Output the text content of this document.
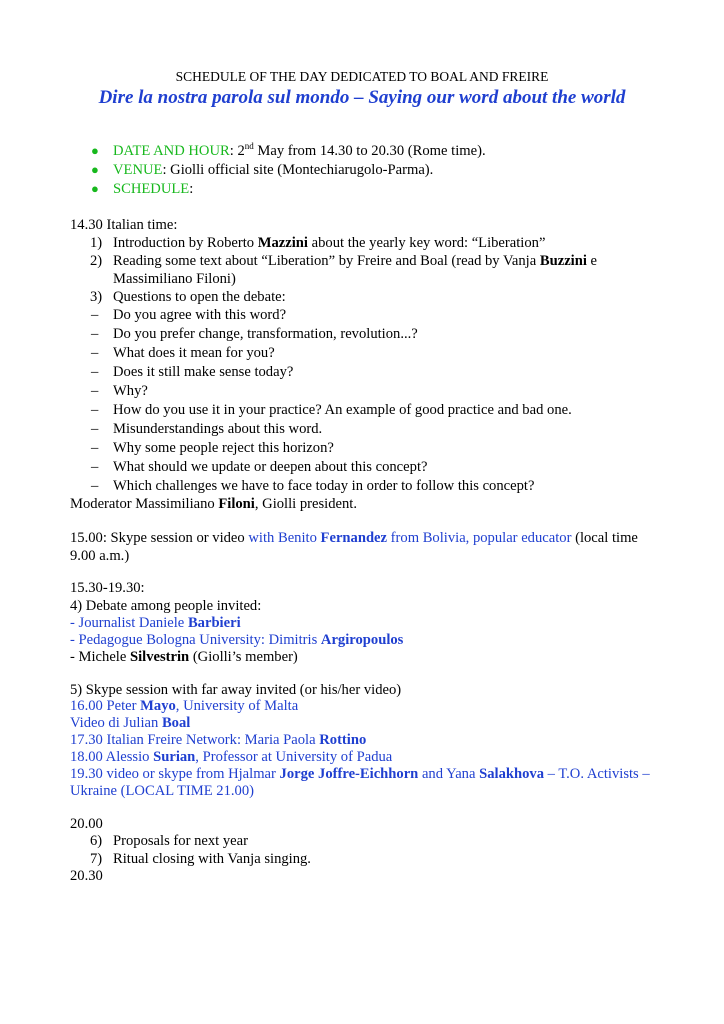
SCHEDULE OF THE DAY DEDICATED TO BOAL AND FREIRE
Dire la nostra parola sul mondo – Saying our word about the world
● DATE AND HOUR: 2nd May from 14.30 to 20.30 (Rome time).
● VENUE: Giolli official site (Montechiarugolo-Parma).
● SCHEDULE:
14.30 Italian time:
1) Introduction by Roberto Mazzini about the yearly key word: “Liberation”
2) Reading some text about “Liberation” by Freire and Boal (read by Vanja Buzzini e
Massimiliano Filoni)
3) Questions to open the debate:
– Do you agree with this word?
– Do you prefer change, transformation, revolution...?
– What does it mean for you?
– Does it still make sense today?
– Why?
– How do you use it in your practice? An example of good practice and bad one.
– Misunderstandings about this word.
– Why some people reject this horizon?
– What should we update or deepen about this concept?
– Which challenges we have to face today in order to follow this concept?
Moderator Massimiliano Filoni, Giolli president.
15.00: Skype session or video with Benito Fernandez from Bolivia, popular educator (local time
9.00 a.m.)
15.30-19.30:
4) Debate among people invited:
- Journalist Daniele Barbieri
- Pedagogue Bologna University: Dimitris Argiropoulos
- Michele Silvestrin (Giolli’s member)
5) Skype session with far away invited (or his/her video)
16.00 Peter Mayo, University of Malta
Video di Julian Boal
17.30 Italian Freire Network: Maria Paola Rottino
18.00 Alessio Surian, Professor at University of Padua
19.30 video or skype from Hjalmar Jorge Joffre-Eichhorn and Yana Salakhova – T.O. Activists –
Ukraine (LOCAL TIME 21.00)
20.00
6) Proposals for next year
7) Ritual closing with Vanja singing.
20.30
